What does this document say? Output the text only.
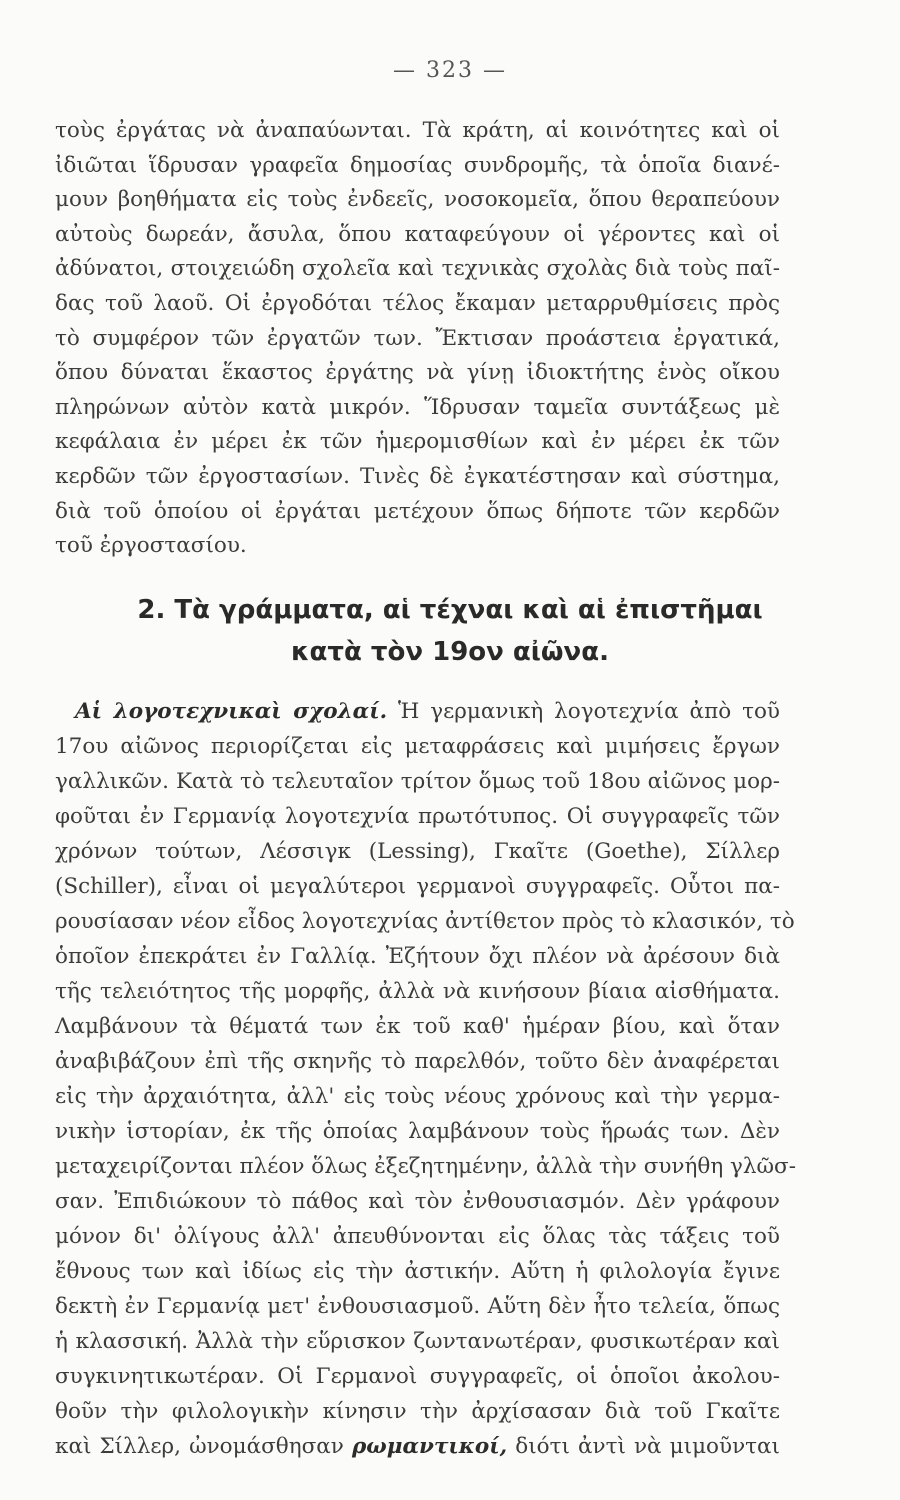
— 323 —
τοὺς ἐργάτας νὰ ἀναπαύωνται. Τὰ κράτη, αἱ κοινότητες καὶ οἱ
ἰδιῶται ἵδρυσαν γραφεῖα δημοσίας συνδρομῆς, τὰ ὁποῖα διανέ-
μουν βοηθήματα εἰς τοὺς ἐνδεεῖς, νοσοκομεῖα, ὅπου θεραπεύουν
αὐτοὺς δωρεάν, ἄσυλα, ὅπου καταφεύγουν οἱ γέροντες καὶ οἱ
ἀδύνατοι, στοιχειώδη σχολεῖα καὶ τεχνικὰς σχολὰς διὰ τοὺς παῖ-
δας τοῦ λαοῦ. Οἱ ἐργοδόται τέλος ἔκαμαν μεταρρυθμίσεις πρὸς
τὸ συμφέρον τῶν ἐργατῶν των. Ἔκτισαν προάστεια ἐργατικά,
ὅπου δύναται ἕκαστος ἐργάτης νὰ γίνῃ ἰδιοκτήτης ἑνὸς οἴκου
πληρώνων αὐτὸν κατὰ μικρόν. Ἵδρυσαν ταμεῖα συντάξεως μὲ
κεφάλαια ἐν μέρει ἐκ τῶν ἡμερομισθίων καὶ ἐν μέρει ἐκ τῶν
κερδῶν τῶν ἐργοστασίων. Τινὲς δὲ ἐγκατέστησαν καὶ σύστημα,
διὰ τοῦ ὁποίου οἱ ἐργάται μετέχουν ὅπως δήποτε τῶν κερδῶν
τοῦ ἐργοστασίου.
2. Τὰ γράμματα, αἱ τέχναι καὶ αἱ ἐπιστῆμαι
κατὰ τὸν 19ον αἰῶνα.
Αἱ λογοτεχνικαὶ σχολαί. Ἡ γερμανικὴ λογοτεχνία ἀπὸ τοῦ
17ου αἰῶνος περιορίζεται εἰς μεταφράσεις καὶ μιμήσεις ἔργων
γαλλικῶν. Κατὰ τὸ τελευταῖον τρίτον ὅμως τοῦ 18ου αἰῶνος μορ-
φοῦται ἐν Γερμανίᾳ λογοτεχνία πρωτότυπος. Οἱ συγγραφεῖς τῶν
χρόνων τούτων, Λέσσιγκ (Lessing), Γκαῖτε (Goethe), Σίλλερ
(Schiller), εἶναι οἱ μεγαλύτεροι γερμανοὶ συγγραφεῖς. Οὗτοι πα-
ρουσίασαν νέον εἶδος λογοτεχνίας ἀντίθετον πρὸς τὸ κλασικόν, τὸ
ὁποῖον ἐπεκράτει ἐν Γαλλίᾳ. Ἐζήτουν ὄχι πλέον νὰ ἀρέσουν διὰ
τῆς τελειότητος τῆς μορφῆς, ἀλλὰ νὰ κινήσουν βίαια αἰσθήματα.
Λαμβάνουν τὰ θέματά των ἐκ τοῦ καθ' ἡμέραν βίου, καὶ ὅταν
ἀναβιβάζουν ἐπὶ τῆς σκηνῆς τὸ παρελθόν, τοῦτο δὲν ἀναφέρεται
εἰς τὴν ἀρχαιότητα, ἀλλ' εἰς τοὺς νέους χρόνους καὶ τὴν γερμα-
νικὴν ἱστορίαν, ἐκ τῆς ὁποίας λαμβάνουν τοὺς ἥρωάς των. Δὲν
μεταχειρίζονται πλέον ὅλως ἐξεζητημένην, ἀλλὰ τὴν συνήθη γλῶσ-
σαν. Ἐπιδιώκουν τὸ πάθος καὶ τὸν ἐνθουσιασμόν. Δὲν γράφουν
μόνον δι' ὀλίγους ἀλλ' ἀπευθύνονται εἰς ὅλας τὰς τάξεις τοῦ
ἔθνους των καὶ ἰδίως εἰς τὴν ἀστικήν. Αὕτη ἡ φιλολογία ἔγινε
δεκτὴ ἐν Γερμανίᾳ μετ' ἐνθουσιασμοῦ. Αὕτη δὲν ἦτο τελεία, ὅπως
ἡ κλασσική. Ἀλλὰ τὴν εὕρισκον ζωντανωτέραν, φυσικωτέραν καὶ
συγκινητικωτέραν. Οἱ Γερμανοὶ συγγραφεῖς, οἱ ὁποῖοι ἀκολου-
θοῦν τὴν φιλολογικὴν κίνησιν τὴν ἀρχίσασαν διὰ τοῦ Γκαῖτε
καὶ Σίλλερ, ὠνομάσθησαν ρωμαντικοί, διότι ἀντὶ νὰ μιμοῦνται
